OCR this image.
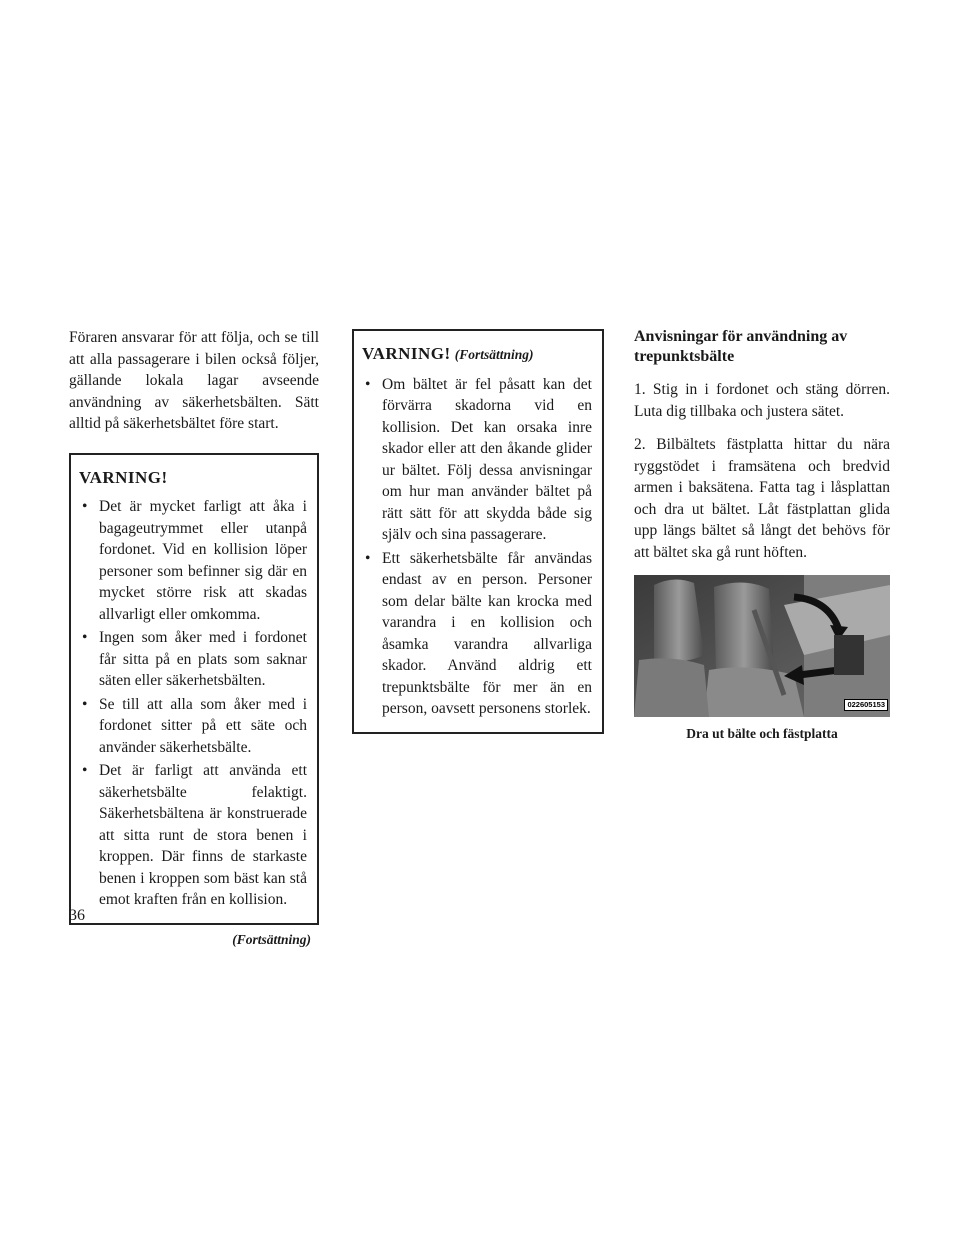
Föraren ansvarar för att följa, och se till att alla passagerare i bilen också följer, gällande lokala lagar avseende användning av säkerhetsbälten. Sätt alltid på säkerhetsbältet före start.

VARNING!
• Det är mycket farligt att åka i bagageutrymmet eller utanpå fordonet. Vid en kollision löper personer som befinner sig där en mycket större risk att skadas allvarligt eller omkomma.
• Ingen som åker med i fordonet får sitta på en plats som saknar säten eller säkerhetsbälten.
• Se till att alla som åker med i fordonet sitter på ett säte och använder säkerhetsbälte.
• Det är farligt att använda ett säkerhetsbälte felaktigt. Säkerhetsbältena är konstruerade att sitta runt de stora benen i kroppen. Där finns de starkaste benen i kroppen som bäst kan stå emot kraften från en kollision.
(Fortsättning)
VARNING! (Fortsättning)
• Om bältet är fel påsatt kan det förvärra skadorna vid en kollision. Det kan orsaka inre skador eller att den åkande glider ur bältet. Följ dessa anvisningar om hur man använder bältet på rätt sätt för att skydda både sig själv och sina passagerare.
• Ett säkerhetsbälte får användas endast av en person. Personer som delar bälte kan krocka med varandra i en kollision och åsamka varandra allvarliga skador. Använd aldrig ett trepunktsbälte för mer än en person, oavsett personens storlek.
Anvisningar för användning av trepunktsbälte

1. Stig in i fordonet och stäng dörren. Luta dig tillbaka och justera sätet.

2. Bilbältets fästplatta hittar du nära ryggstödet i framsätena och bredvid armen i baksätena. Fatta tag i låsplattan och dra ut bältet. Låt fästplattan glida upp längs bältet så långt det behövs för att bältet ska gå runt höften.

022605153
Dra ut bälte och fästplatta
36
